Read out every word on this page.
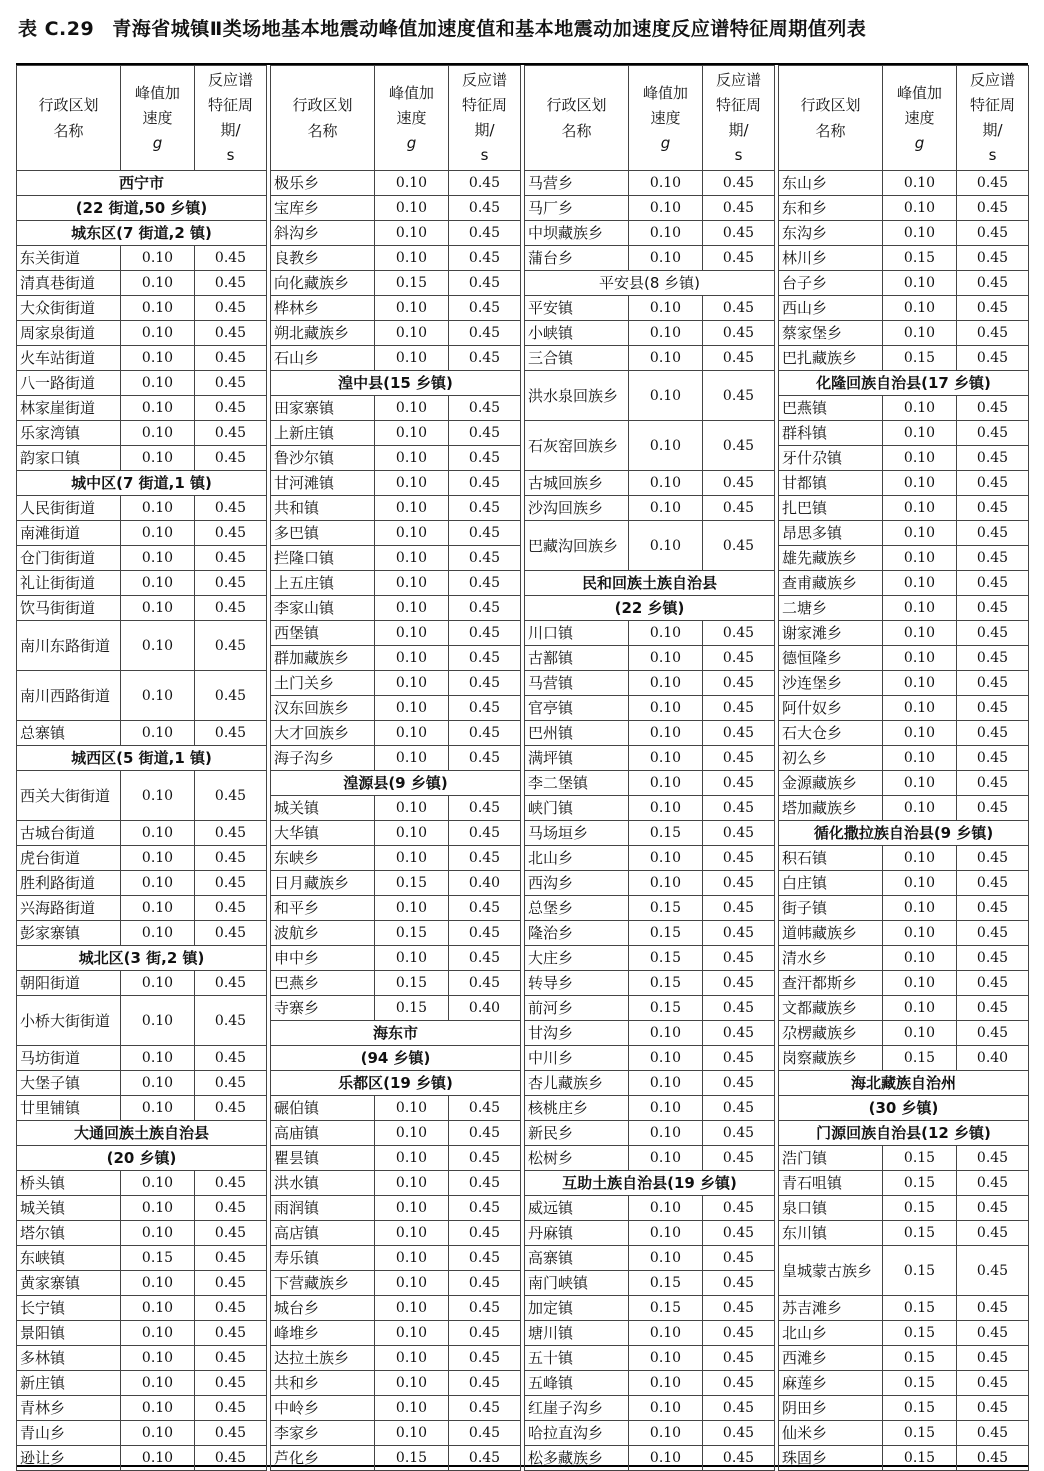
表 C.29 青海省城镇Ⅱ类场地基本地震动峰值加速度值和基本地震动加速度反应谱特征周期值列表
行政区划名称	峰值加速度
g	反应谱特征周期/
s

西宁市		
(22 街道,50 乡镇)		
城东区(7 街道,2 镇)		
东关街道	0.10	0.45
清真巷街道	0.10	0.45
大众街街道	0.10	0.45
周家泉街道	0.10	0.45
火车站街道	0.10	0.45
八一路街道	0.10	0.45
林家崖街道	0.10	0.45
乐家湾镇	0.10	0.45
韵家口镇	0.10	0.45
城中区(7 街道,1 镇)		
人民街街道	0.10	0.45
南滩街道	0.10	0.45
仓门街街道	0.10	0.45
礼让街街道	0.10	0.45
饮马街街道	0.10	0.45
南川东路街道	0.10	0.45
南川西路街道	0.10	0.45
总寨镇	0.10	0.45
城西区(5 街道,1 镇)		
西关大街街道	0.10	0.45
古城台街道	0.10	0.45
虎台街道	0.10	0.45
胜利路街道	0.10	0.45
兴海路街道	0.10	0.45
彭家寨镇	0.10	0.45
城北区(3 街,2 镇)		
朝阳街道	0.10	0.45
小桥大街街道	0.10	0.45
马坊街道	0.10	0.45
大堡子镇	0.10	0.45
廿里铺镇	0.10	0.45
大通回族土族自治县		
(20 乡镇)		
桥头镇	0.10	0.45
城关镇	0.10	0.45
塔尔镇	0.10	0.45
东峡镇	0.15	0.45
黄家寨镇	0.10	0.45
长宁镇	0.10	0.45
景阳镇	0.10	0.45
多林镇	0.10	0.45
新庄镇	0.10	0.45
青林乡	0.10	0.45
青山乡	0.10	0.45
逊让乡	0.10	0.45
行政区划名称	峰值加速度
g	反应谱特征周期/
s

极乐乡	0.10	0.45
宝库乡	0.10	0.45
斜沟乡	0.10	0.45
良教乡	0.10	0.45
向化藏族乡	0.15	0.45
桦林乡	0.10	0.45
朔北藏族乡	0.10	0.45
石山乡	0.10	0.45
湟中县(15 乡镇)		
田家寨镇	0.10	0.45
上新庄镇	0.10	0.45
鲁沙尔镇	0.10	0.45
甘河滩镇	0.10	0.45
共和镇	0.10	0.45
多巴镇	0.10	0.45
拦隆口镇	0.10	0.45
上五庄镇	0.10	0.45
李家山镇	0.10	0.45
西堡镇	0.10	0.45
群加藏族乡	0.10	0.45
土门关乡	0.10	0.45
汉东回族乡	0.10	0.45
大才回族乡	0.10	0.45
海子沟乡	0.10	0.45
湟源县(9 乡镇)		
城关镇	0.10	0.45
大华镇	0.10	0.45
东峡乡	0.10	0.45
日月藏族乡	0.15	0.40
和平乡	0.10	0.45
波航乡	0.15	0.45
申中乡	0.10	0.45
巴燕乡	0.15	0.45
寺寨乡	0.15	0.40
海东市		
(94 乡镇)		
乐都区(19 乡镇)		
碾伯镇	0.10	0.45
高庙镇	0.10	0.45
瞿昙镇	0.10	0.45
洪水镇	0.10	0.45
雨润镇	0.10	0.45
高店镇	0.10	0.45
寿乐镇	0.10	0.45
下营藏族乡	0.10	0.45
城台乡	0.10	0.45
峰堆乡	0.10	0.45
达拉土族乡	0.10	0.45
共和乡	0.10	0.45
中岭乡	0.10	0.45
李家乡	0.10	0.45
芦化乡	0.15	0.45
行政区划名称	峰值加速度
g	反应谱特征周期/
s

马营乡	0.10	0.45
马厂乡	0.10	0.45
中坝藏族乡	0.10	0.45
蒲台乡	0.10	0.45
平安县(8 乡镇)		
平安镇	0.10	0.45
小峡镇	0.10	0.45
三合镇	0.10	0.45
洪水泉回族乡	0.10	0.45
石灰窑回族乡	0.10	0.45
古城回族乡	0.10	0.45
沙沟回族乡	0.10	0.45
巴藏沟回族乡	0.10	0.45
民和回族土族自治县		
(22 乡镇)		
川口镇	0.10	0.45
古鄯镇	0.10	0.45
马营镇	0.10	0.45
官亭镇	0.10	0.45
巴州镇	0.10	0.45
满坪镇	0.10	0.45
李二堡镇	0.10	0.45
峡门镇	0.10	0.45
马场垣乡	0.15	0.45
北山乡	0.10	0.45
西沟乡	0.10	0.45
总堡乡	0.15	0.45
隆治乡	0.15	0.45
大庄乡	0.15	0.45
转导乡	0.15	0.45
前河乡	0.15	0.45
甘沟乡	0.10	0.45
中川乡	0.10	0.45
杏儿藏族乡	0.10	0.45
核桃庄乡	0.10	0.45
新民乡	0.10	0.45
松树乡	0.10	0.45
互助土族自治县(19 乡镇)		
威远镇	0.10	0.45
丹麻镇	0.10	0.45
高寨镇	0.10	0.45
南门峡镇	0.15	0.45
加定镇	0.15	0.45
塘川镇	0.10	0.45
五十镇	0.10	0.45
五峰镇	0.10	0.45
红崖子沟乡	0.10	0.45
哈拉直沟乡	0.10	0.45
松多藏族乡	0.10	0.45
行政区划名称	峰值加速度
g	反应谱特征周期/
s

东山乡	0.10	0.45
东和乡	0.10	0.45
东沟乡	0.10	0.45
林川乡	0.15	0.45
台子乡	0.10	0.45
西山乡	0.10	0.45
蔡家堡乡	0.10	0.45
巴扎藏族乡	0.15	0.45
化隆回族自治县(17 乡镇)		
巴燕镇	0.10	0.45
群科镇	0.10	0.45
牙什尕镇	0.10	0.45
甘都镇	0.10	0.45
扎巴镇	0.10	0.45
昂思多镇	0.10	0.45
雄先藏族乡	0.10	0.45
查甫藏族乡	0.10	0.45
二塘乡	0.10	0.45
谢家滩乡	0.10	0.45
德恒隆乡	0.10	0.45
沙连堡乡	0.10	0.45
阿什奴乡	0.10	0.45
石大仓乡	0.10	0.45
初么乡	0.10	0.45
金源藏族乡	0.10	0.45
塔加藏族乡	0.10	0.45
循化撒拉族自治县(9 乡镇)		
积石镇	0.10	0.45
白庄镇	0.10	0.45
街子镇	0.10	0.45
道帏藏族乡	0.10	0.45
清水乡	0.10	0.45
查汗都斯乡	0.10	0.45
文都藏族乡	0.10	0.45
尕楞藏族乡	0.10	0.45
岗察藏族乡	0.15	0.40
海北藏族自治州		
(30 乡镇)		
门源回族自治县(12 乡镇)		
浩门镇	0.15	0.45
青石咀镇	0.15	0.45
泉口镇	0.15	0.45
东川镇	0.15	0.45
皇城蒙古族乡	0.15	0.45
苏吉滩乡	0.15	0.45
北山乡	0.15	0.45
西滩乡	0.15	0.45
麻莲乡	0.15	0.45
阴田乡	0.15	0.45
仙米乡	0.15	0.45
珠固乡	0.15	0.45
